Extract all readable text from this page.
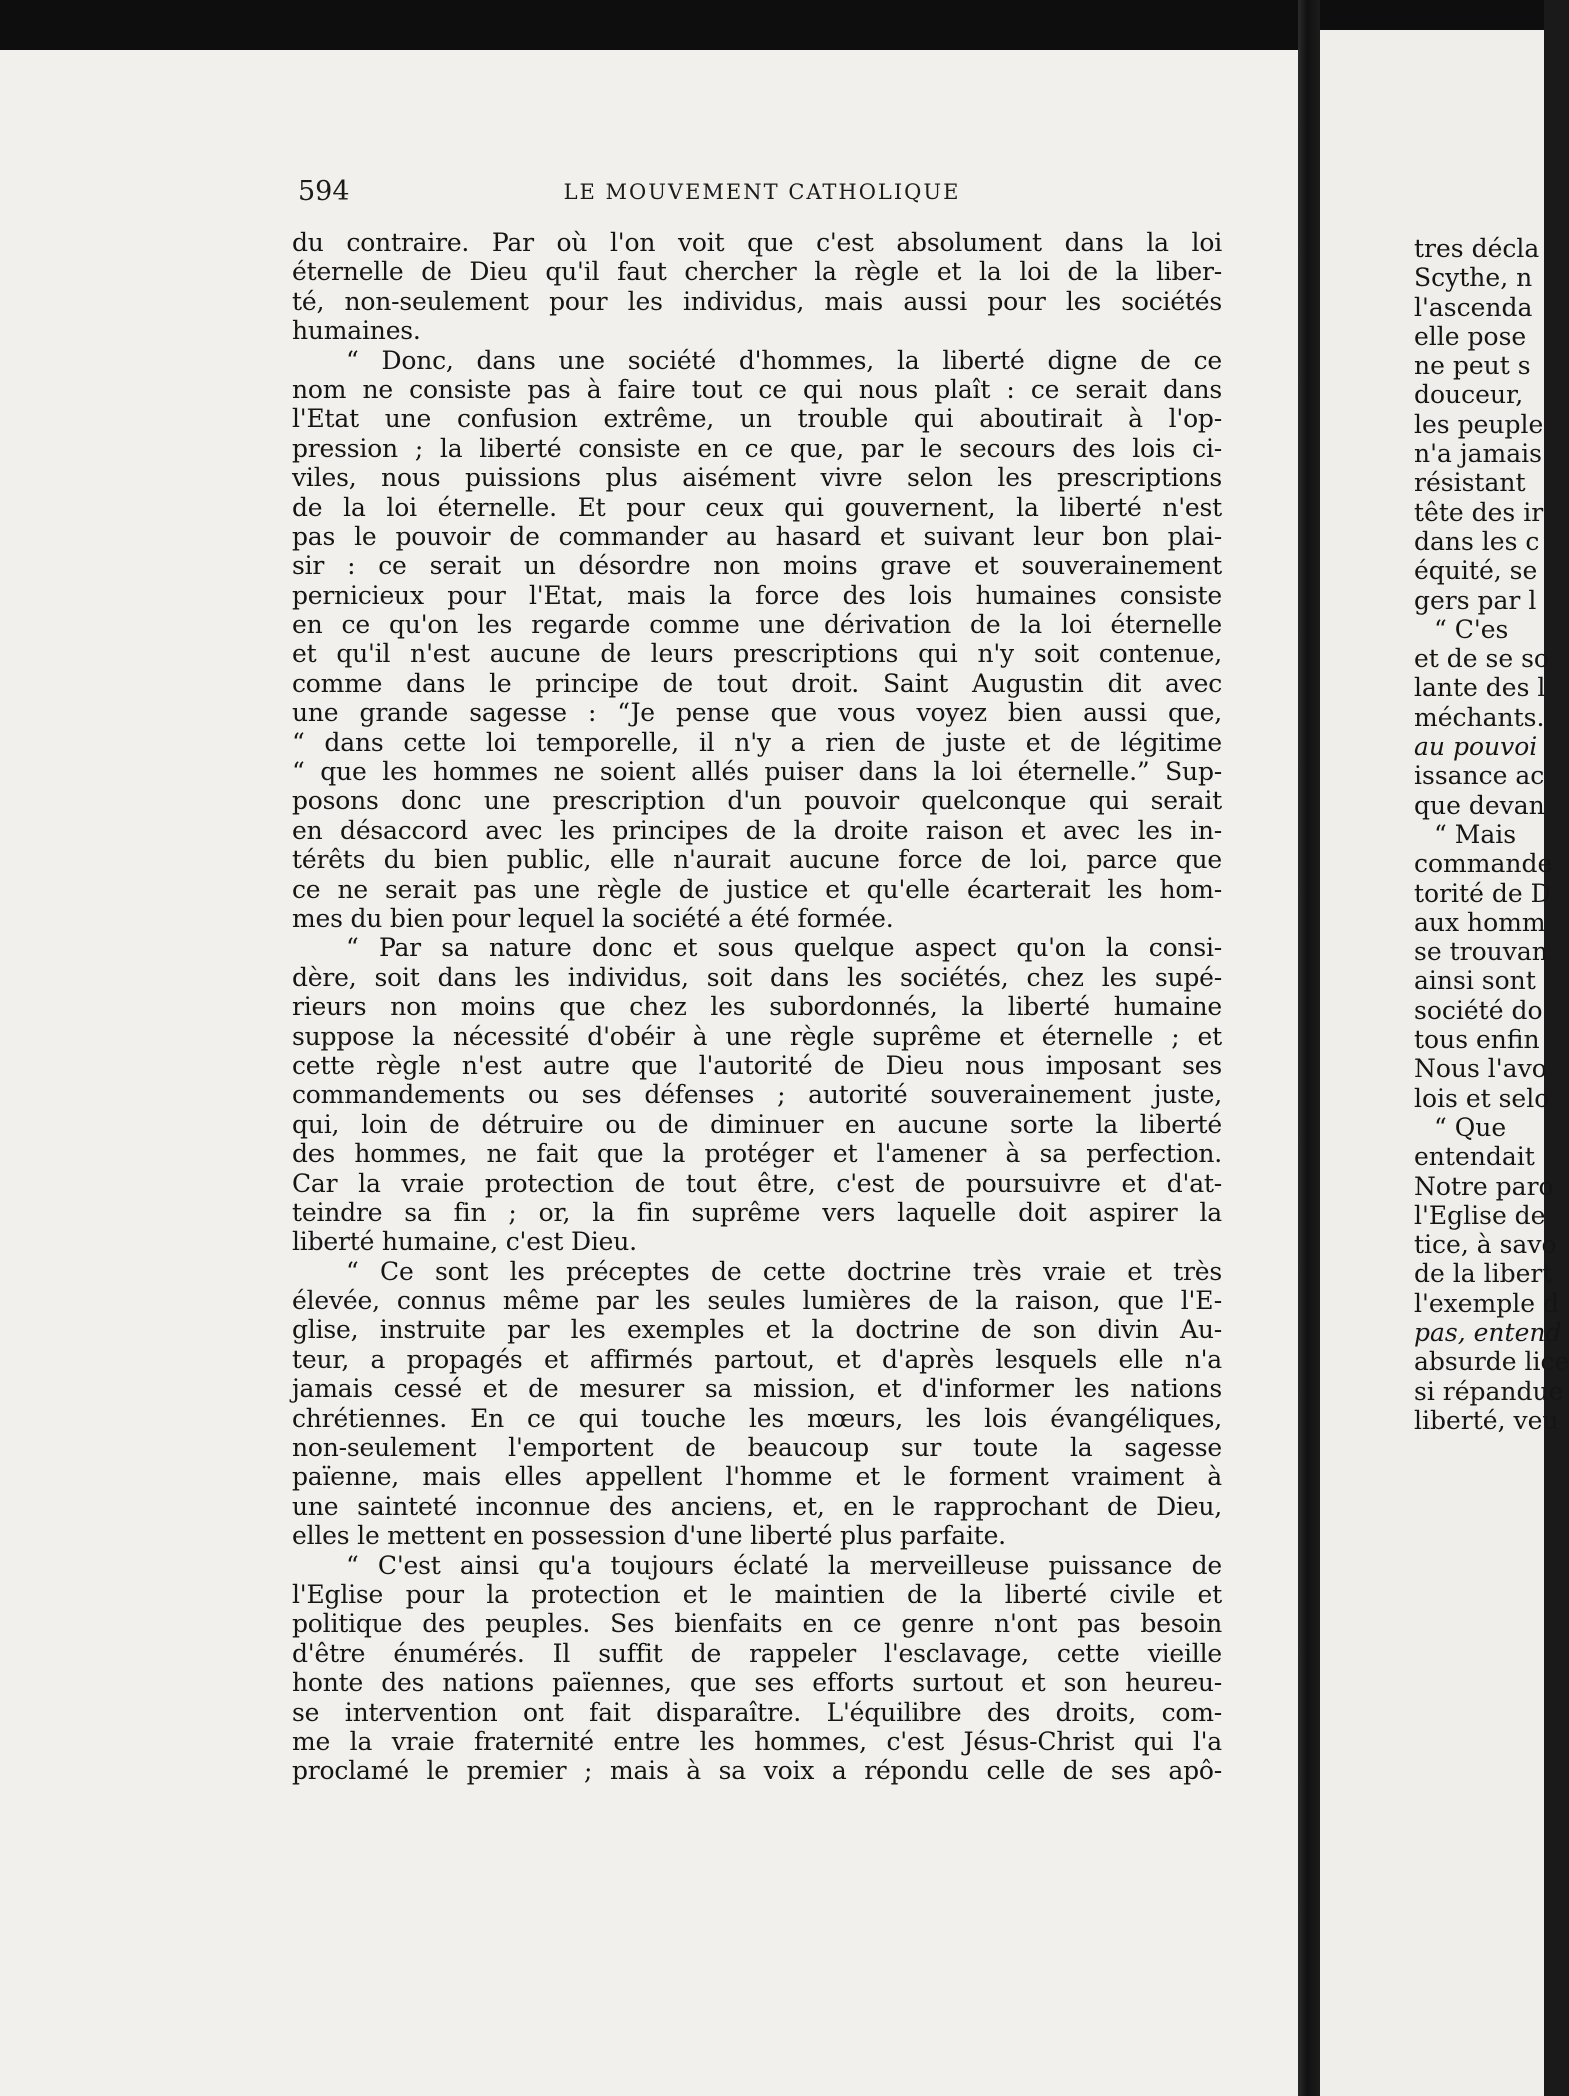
594	LE MOUVEMENT CATHOLIQUE
du contraire. Par où l'on voit que c'est absolument dans la loi
éternelle de Dieu qu'il faut chercher la règle et la loi de la liber-
té, non-seulement pour les individus, mais aussi pour les sociétés
humaines.
“ Donc, dans une société d'hommes, la liberté digne de ce
nom ne consiste pas à faire tout ce qui nous plaît : ce serait dans
l'Etat une confusion extrême, un trouble qui aboutirait à l'op-
pression ; la liberté consiste en ce que, par le secours des lois ci-
viles, nous puissions plus aisément vivre selon les prescriptions
de la loi éternelle. Et pour ceux qui gouvernent, la liberté n'est
pas le pouvoir de commander au hasard et suivant leur bon plai-
sir : ce serait un désordre non moins grave et souverainement
pernicieux pour l'Etat, mais la force des lois humaines consiste
en ce qu'on les regarde comme une dérivation de la loi éternelle
et qu'il n'est aucune de leurs prescriptions qui n'y soit contenue,
comme dans le principe de tout droit. Saint Augustin dit avec
une grande sagesse : “Je pense que vous voyez bien aussi que,
“ dans cette loi temporelle, il n'y a rien de juste et de légitime
“ que les hommes ne soient allés puiser dans la loi éternelle.” Sup-
posons donc une prescription d'un pouvoir quelconque qui serait
en désaccord avec les principes de la droite raison et avec les in-
térêts du bien public, elle n'aurait aucune force de loi, parce que
ce ne serait pas une règle de justice et qu'elle écarterait les hom-
mes du bien pour lequel la société a été formée.
“ Par sa nature donc et sous quelque aspect qu'on la consi-
dère, soit dans les individus, soit dans les sociétés, chez les supé-
rieurs non moins que chez les subordonnés, la liberté humaine
suppose la nécessité d'obéir à une règle suprême et éternelle ; et
cette règle n'est autre que l'autorité de Dieu nous imposant ses
commandements ou ses défenses ; autorité souverainement juste,
qui, loin de détruire ou de diminuer en aucune sorte la liberté
des hommes, ne fait que la protéger et l'amener à sa perfection.
Car la vraie protection de tout être, c'est de poursuivre et d'at-
teindre sa fin ; or, la fin suprême vers laquelle doit aspirer la
liberté humaine, c'est Dieu.
“ Ce sont les préceptes de cette doctrine très vraie et très
élevée, connus même par les seules lumières de la raison, que l'E-
glise, instruite par les exemples et la doctrine de son divin Au-
teur, a propagés et affirmés partout, et d'après lesquels elle n'a
jamais cessé et de mesurer sa mission, et d'informer les nations
chrétiennes. En ce qui touche les mœurs, les lois évangéliques,
non-seulement l'emportent de beaucoup sur toute la sagesse
païenne, mais elles appellent l'homme et le forment vraiment à
une sainteté inconnue des anciens, et, en le rapprochant de Dieu,
elles le mettent en possession d'une liberté plus parfaite.
“ C'est ainsi qu'a toujours éclaté la merveilleuse puissance de
l'Eglise pour la protection et le maintien de la liberté civile et
politique des peuples. Ses bienfaits en ce genre n'ont pas besoin
d'être énumérés. Il suffit de rappeler l'esclavage, cette vieille
honte des nations païennes, que ses efforts surtout et son heureu-
se intervention ont fait disparaître. L'équilibre des droits, com-
me la vraie fraternité entre les hommes, c'est Jésus-Christ qui l'a
proclamé le premier ; mais à sa voix a répondu celle de ses apô-
tres décla
Scythe, n
l'ascenda
elle pose
ne peut s
douceur,
les peuple
n'a jamais
résistant
tête des ir
dans les c
équité, se
gers par l
“ C'es
et de se so
lante des l
méchants.
au pouvoi
issance ac
que devan
“ Mais
commande
torité de D
aux homm
se trouvan
ainsi sont
société do
tous enfin
Nous l'avo
lois et selo
“ Que
entendait
Notre paro
l'Eglise de
tice, à savo
de la libert
l'exemple d
pas, entend
absurde lice
si répandue
liberté, veu
